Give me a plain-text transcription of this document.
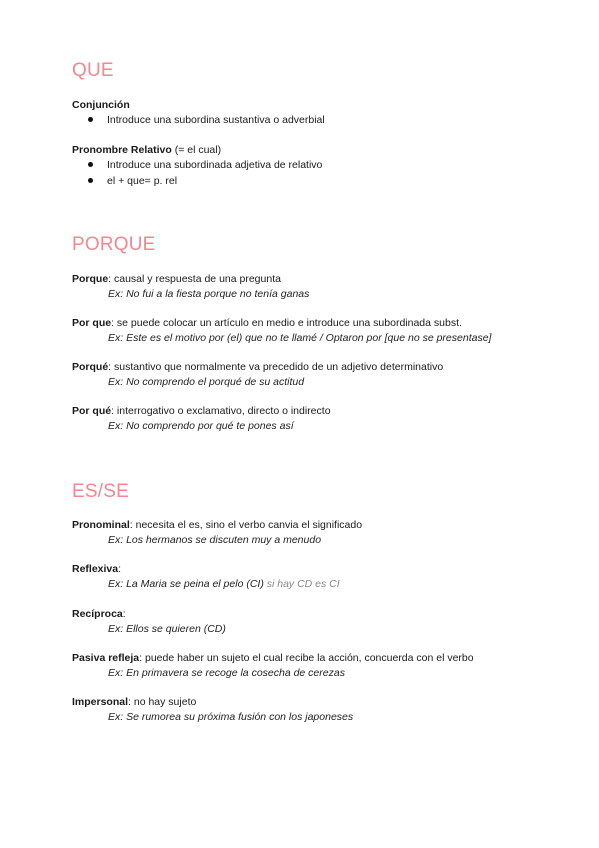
QUE

Conjunción

Introduce una subordina sustantiva o adverbial

Pronombre Relativo (= el cual)

Introduce una subordinada adjetiva de relativo

el + que= p. rel

PORQUE

Porque: causal y respuesta de una pregunta

Ex: No fui a la fiesta porque no tenía ganas

Por que: se puede colocar un artículo en medio e introduce una subordinada subst.

Ex: Este es el motivo por (el) que no te llamé / Optaron por [que no se presentase]

Porqué: sustantivo que normalmente va precedido de un adjetivo determinativo

Ex: No comprendo el porqué de su actitud

Por qué: interrogativo o exclamativo, directo o indirecto

Ex: No comprendo por qué te pones así

ES/SE

Pronominal: necesita el es, sino el verbo canvia el significado

Ex: Los hermanos se discuten muy a menudo

Reflexiva:

Ex: La Maria se peina el pelo (CI) si hay CD es CI

Recíproca:

Ex: Ellos se quieren (CD)

Pasiva refleja: puede haber un sujeto el cual recibe la acción, concuerda con el verbo

Ex: En primavera se recoge la cosecha de cerezas

Impersonal: no hay sujeto

Ex: Se rumorea su próxima fusión con los japoneses
